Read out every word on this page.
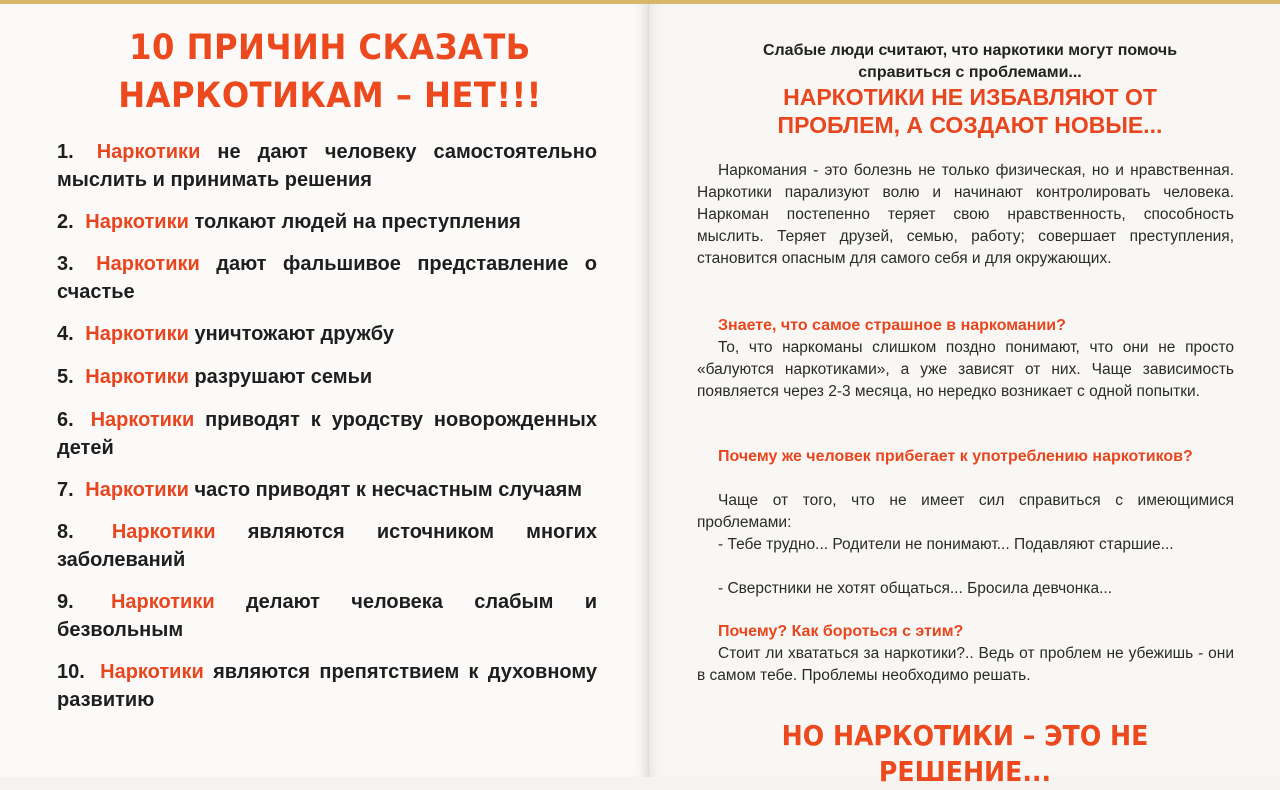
10 ПРИЧИН СКАЗАТЬ
НАРКОТИКАМ – НЕТ!!!
1. Наркотики не дают человеку самостоятельно мыслить и принимать решения
2. Наркотики толкают людей на преступления
3. Наркотики дают фальшивое представление о счастье
4. Наркотики уничтожают дружбу
5. Наркотики разрушают семьи
6. Наркотики приводят к уродству новорожденных детей
7. Наркотики часто приводят к несчастным случаям
8. Наркотики являются источником многих заболеваний
9. Наркотики делают человека слабым и безвольным
10. Наркотики являются препятствием к духовному развитию
Слабые люди считают, что наркотики могут помочь
справиться с проблемами...
НАРКОТИКИ НЕ ИЗБАВЛЯЮТ ОТ
ПРОБЛЕМ, А СОЗДАЮТ НОВЫЕ...

Наркомания - это болезнь не только физическая, но и нравственная. Наркотики парализуют волю и начинают контролировать человека. Наркоман постепенно теряет свою нравственность, способность мыслить. Теряет друзей, семью, работу; совершает преступления, становится опасным для самого себя и для окружающих.

Знаете, что самое страшное в наркомании?

То, что наркоманы слишком поздно понимают, что они не просто «балуются наркотиками», а уже зависят от них. Чаще зависимость появляется через 2-3 месяца, но нередко возникает с одной попытки.

Почему же человек прибегает к употреблению наркотиков?

Чаще от того, что не имеет сил справиться с имеющимися проблемами:

- Тебе трудно... Родители не понимают... Подавляют старшие...

- Сверстники не хотят общаться... Бросила девчонка...

Почему? Как бороться с этим?

Стоит ли хвататься за наркотики?.. Ведь от проблем не убежишь - они в самом тебе. Проблемы необходимо решать.

НО НАРКОТИКИ – ЭТО НЕ РЕШЕНИЕ...
